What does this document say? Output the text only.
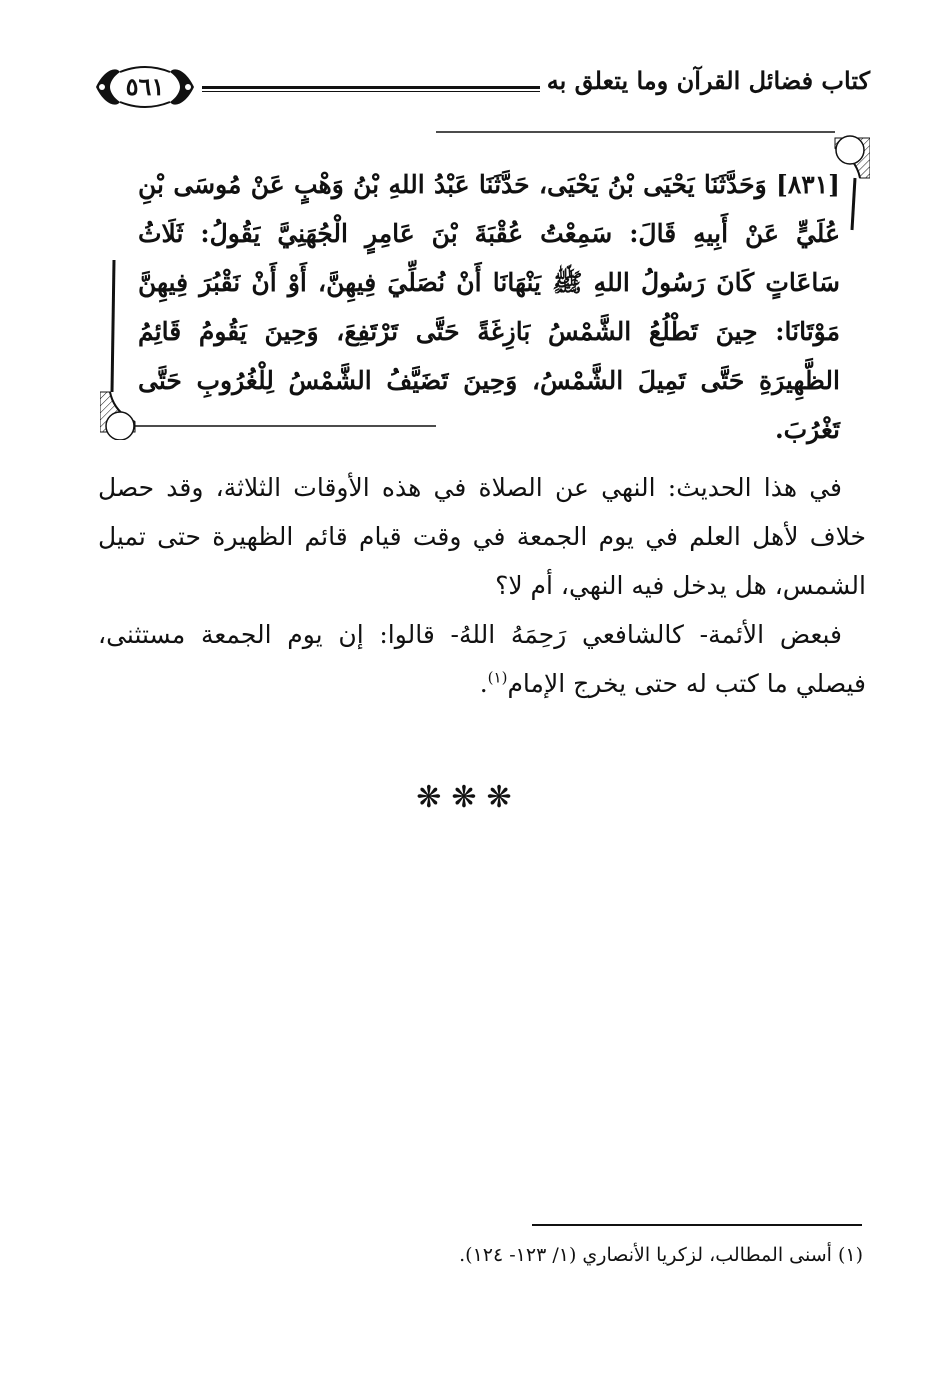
كتاب فضائل القرآن وما يتعلق به
٥٦١
[٨٣١] وَحَدَّثَنَا يَحْيَى بْنُ يَحْيَى، حَدَّثَنَا عَبْدُ اللهِ بْنُ وَهْبٍ عَنْ مُوسَى بْنِ عُلَيٍّ عَنْ أَبِيهِ قَالَ: سَمِعْتُ عُقْبَةَ بْنَ عَامِرٍ الْجُهَنِيَّ يَقُولُ: ثَلَاثُ سَاعَاتٍ كَانَ رَسُولُ اللهِ ﷺ يَنْهَانَا أَنْ نُصَلِّيَ فِيهِنَّ، أَوْ أَنْ نَقْبُرَ فِيهِنَّ مَوْتَانَا: حِينَ تَطْلُعُ الشَّمْسُ بَازِغَةً حَتَّى تَرْتَفِعَ، وَحِينَ يَقُومُ قَائِمُ الظَّهِيرَةِ حَتَّى تَمِيلَ الشَّمْسُ، وَحِينَ تَضَيَّفُ الشَّمْسُ لِلْغُرُوبِ حَتَّى تَغْرُبَ.

في هذا الحديث: النهي عن الصلاة في هذه الأوقات الثلاثة، وقد حصل خلاف لأهل العلم في يوم الجمعة في وقت قيام قائم الظهيرة حتى تميل الشمس، هل يدخل فيه النهي، أم لا؟

فبعض الأئمة- كالشافعي رَحِمَهُ اللهُ- قالوا: إن يوم الجمعة مستثنى، فيصلي ما كتب له حتى يخرج الإمام$^{(١)}$.

❋❋❋
(١) أسنى المطالب، لزكريا الأنصاري (١/ ١٢٣- ١٢٤).
